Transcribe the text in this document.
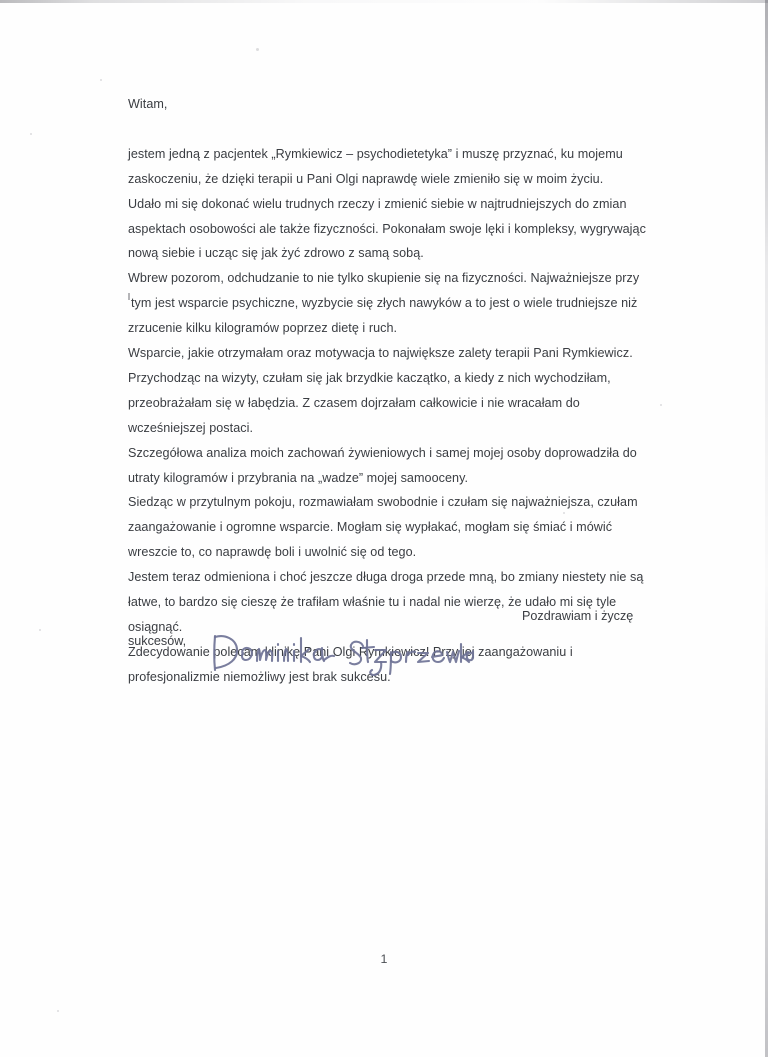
Witam,

jestem jedną z pacjentek „Rymkiewicz – psychodietetyka” i muszę przyznać, ku mojemu
zaskoczeniu, że dzięki terapii u Pani Olgi naprawdę wiele zmieniło się w moim życiu.
Udało mi się dokonać wielu trudnych rzeczy i zmienić siebie w najtrudniejszych do zmian
aspektach osobowości ale także fizyczności. Pokonałam swoje lęki i kompleksy, wygrywając
nową siebie i ucząc się jak żyć zdrowo z samą sobą.

Wbrew pozorom, odchudzanie to nie tylko skupienie się na fizyczności. Najważniejsze przy
tym jest wsparcie psychiczne, wyzbycie się złych nawyków a to jest o wiele trudniejsze niż
zrzucenie kilku kilogramów poprzez dietę i ruch.

Wsparcie, jakie otrzymałam oraz motywacja to największe zalety terapii Pani Rymkiewicz.
Przychodząc na wizyty, czułam się jak brzydkie kaczątko, a kiedy z nich wychodziłam,
przeobrażałam się w łabędzia. Z czasem dojrzałam całkowicie i nie wracałam do
wcześniejszej postaci.

Szczegółowa analiza moich zachowań żywieniowych i samej mojej osoby doprowadziła do
utraty kilogramów i przybrania na „wadze” mojej samooceny.

Siedząc w przytulnym pokoju, rozmawiałam swobodnie i czułam się najważniejsza, czułam
zaangażowanie i ogromne wsparcie. Mogłam się wypłakać, mogłam się śmiać i mówić
wreszcie to, co naprawdę boli i uwolnić się od tego.

Jestem teraz odmieniona i choć jeszcze długa droga przede mną, bo zmiany niestety nie są
łatwe, to bardzo się cieszę że trafiłam właśnie tu i nadal nie wierzę, że udało mi się tyle
osiągnąć.

Zdecydowanie polecam klinikę Pani Olgi Rymkiewicz! Przy jej zaangażowaniu i
profesjonalizmie niemożliwy jest brak sukcesu.

Pozdrawiam i życzę
sukcesów,
1
